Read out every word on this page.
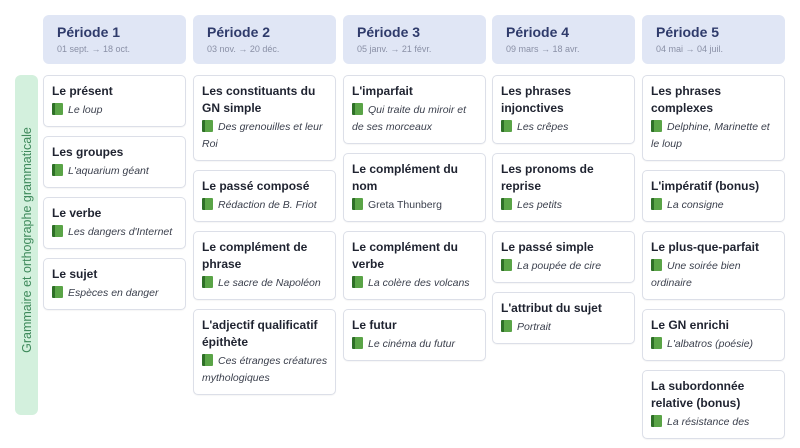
Grammaire et orthographe grammaticale
Période 1
01 sept. → 18 oct.
Période 2
03 nov. → 20 déc.
Période 3
05 janv. → 21 févr.
Période 4
09 mars → 18 avr.
Période 5
04 mai → 04 juil.
Le présent
Le loup
Les groupes
L'aquarium géant
Le verbe
Les dangers d'Internet
Le sujet
Espèces en danger
Les constituants du GN simple
Des grenouilles et leur Roi
Le passé composé
Rédaction de B. Friot
Le complément de phrase
Le sacre de Napoléon
L'adjectif qualificatif épithète
Ces étranges créatures mythologiques
L'imparfait
Qui traite du miroir et de ses morceaux
Le complément du nom
Greta Thunberg
Le complément du verbe
La colère des volcans
Le futur
Le cinéma du futur
Les phrases injonctives
Les crêpes
Les pronoms de reprise
Les petits
Le passé simple
La poupée de cire
L'attribut du sujet
Portrait
Les phrases complexes
Delphine, Marinette et le loup
L'impératif (bonus)
La consigne
Le plus-que-parfait
Une soirée bien ordinaire
Le GN enrichi
L'albatros (poésie)
La subordonnée relative (bonus)
La résistance des
